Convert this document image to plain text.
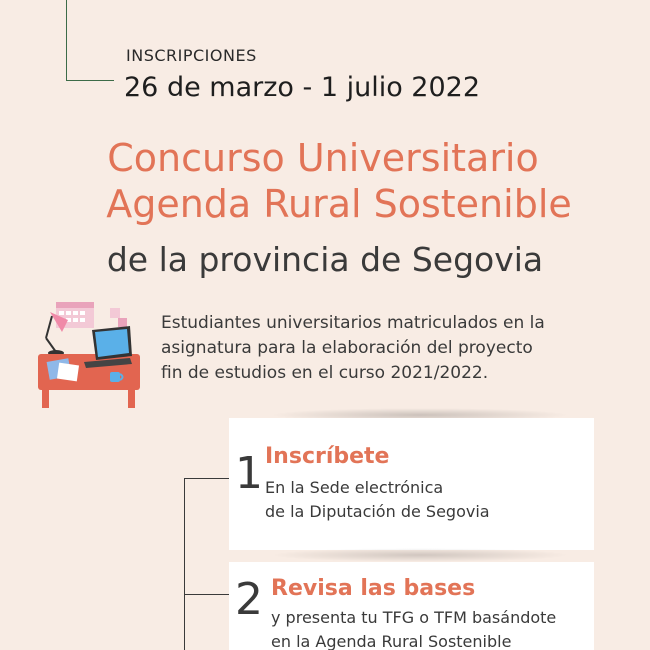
INSCRIPCIONES
26 de marzo - 1 julio 2022
Concurso Universitario
Agenda Rural Sostenible
de la provincia de Segovia
Estudiantes universitarios matriculados en la
asignatura para la elaboración del proyecto
fin de estudios en el curso 2021/2022.
1 Inscríbete
En la Sede electrónica
de la Diputación de Segovia
2 Revisa las bases
y presenta tu TFG o TFM basándote
en la Agenda Rural Sostenible
